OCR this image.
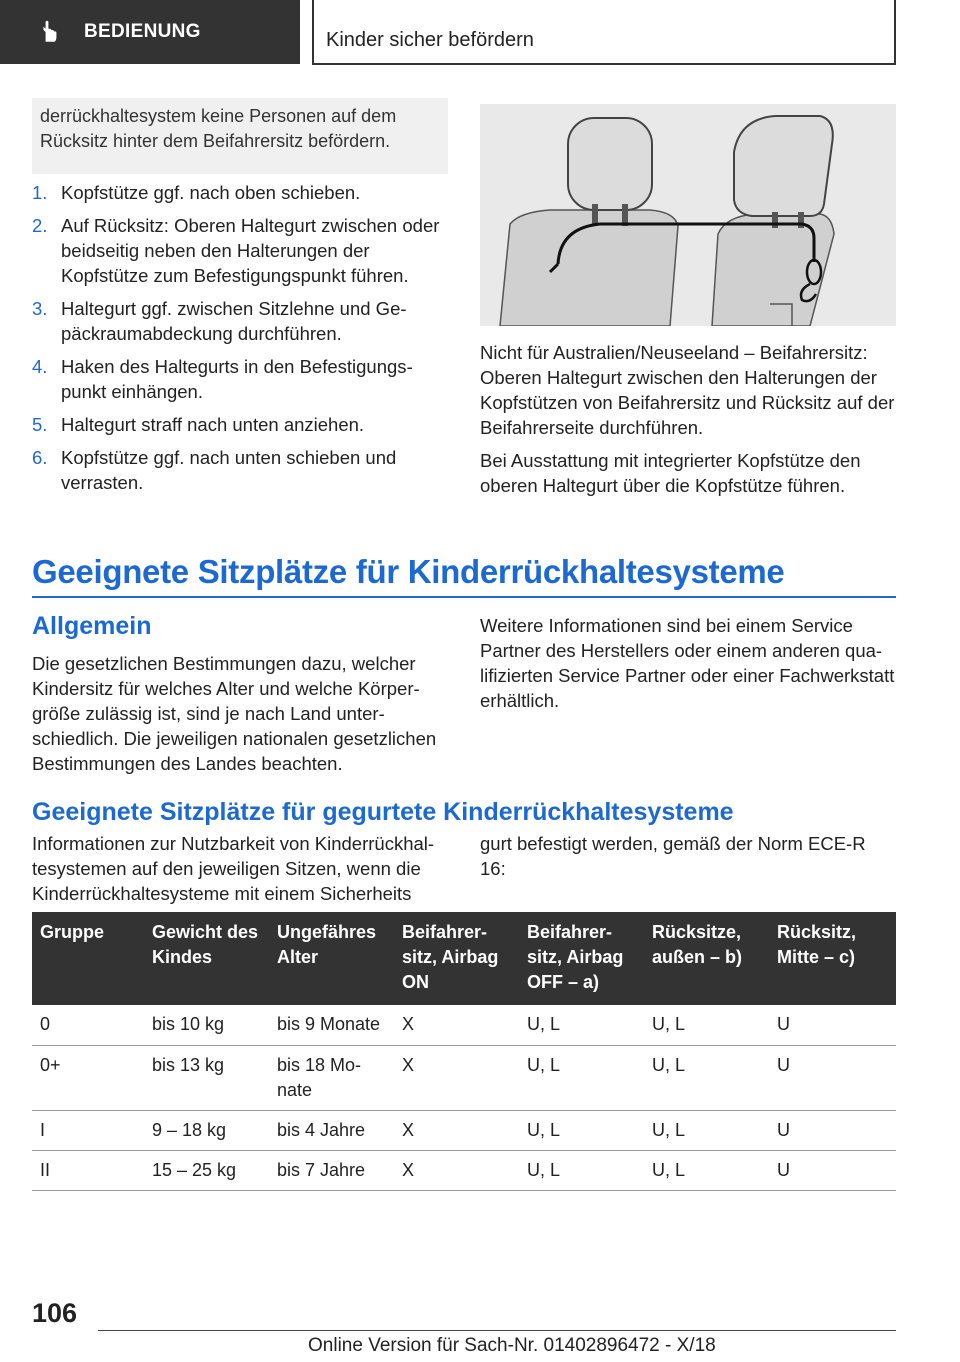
BEDIENUNG	Kinder sicher befördern
derrückhaltesystem keine Personen auf dem Rücksitz hinter dem Beifahrersitz befördern.
1. Kopfstütze ggf. nach oben schieben.
2. Auf Rücksitz: Oberen Haltegurt zwischen oder beidseitig neben den Halterungen der Kopfstütze zum Befestigungspunkt führen.
3. Haltegurt ggf. zwischen Sitzlehne und Gepäckraumabdeckung durchführen.
4. Haken des Haltegurts in den Befestigungspunkt einhängen.
5. Haltegurt straff nach unten anziehen.
6. Kopfstütze ggf. nach unten schieben und verrasten.

Nicht für Australien/Neuseeland – Beifahrersitz: Oberen Haltegurt zwischen den Halterungen der Kopfstützen von Beifahrersitz und Rücksitz auf der Beifahrerseite durchführen.

Bei Ausstattung mit integrierter Kopfstütze den oberen Haltegurt über die Kopfstütze führen.

Geeignete Sitzplätze für Kinderrückhaltesysteme
Allgemein
Die gesetzlichen Bestimmungen dazu, welcher Kindersitz für welches Alter und welche Körpergröße zulässig ist, sind je nach Land unterschiedlich. Die jeweiligen nationalen gesetzlichen Bestimmungen des Landes beachten.
Weitere Informationen sind bei einem Service Partner des Herstellers oder einem anderen qualifizierten Service Partner oder einer Fachwerkstatt erhältlich.
Geeignete Sitzplätze für gegurtete Kinderrückhaltesysteme
Informationen zur Nutzbarkeit von Kinderrückhaltesystemen auf den jeweiligen Sitzen, wenn die Kinderrückhaltesysteme mit einem Sicherheits
gurt befestigt werden, gemäß der Norm ECE-R 16:
Gruppe	Gewicht des Kindes	Ungefähres Alter	Beifahrersitz, Airbag ON	Beifahrersitz, Airbag OFF – a)	Rücksitze, außen – b)	Rücksitz, Mitte – c)
0	bis 10 kg	bis 9 Monate	X	U, L	U, L	U
0+	bis 13 kg	bis 18 Monate	X	U, L	U, L	U
I	9 – 18 kg	bis 4 Jahre	X	U, L	U, L	U
II	15 – 25 kg	bis 7 Jahre	X	U, L	U, L	U
106
Online Version für Sach-Nr. 01402896472 - X/18
